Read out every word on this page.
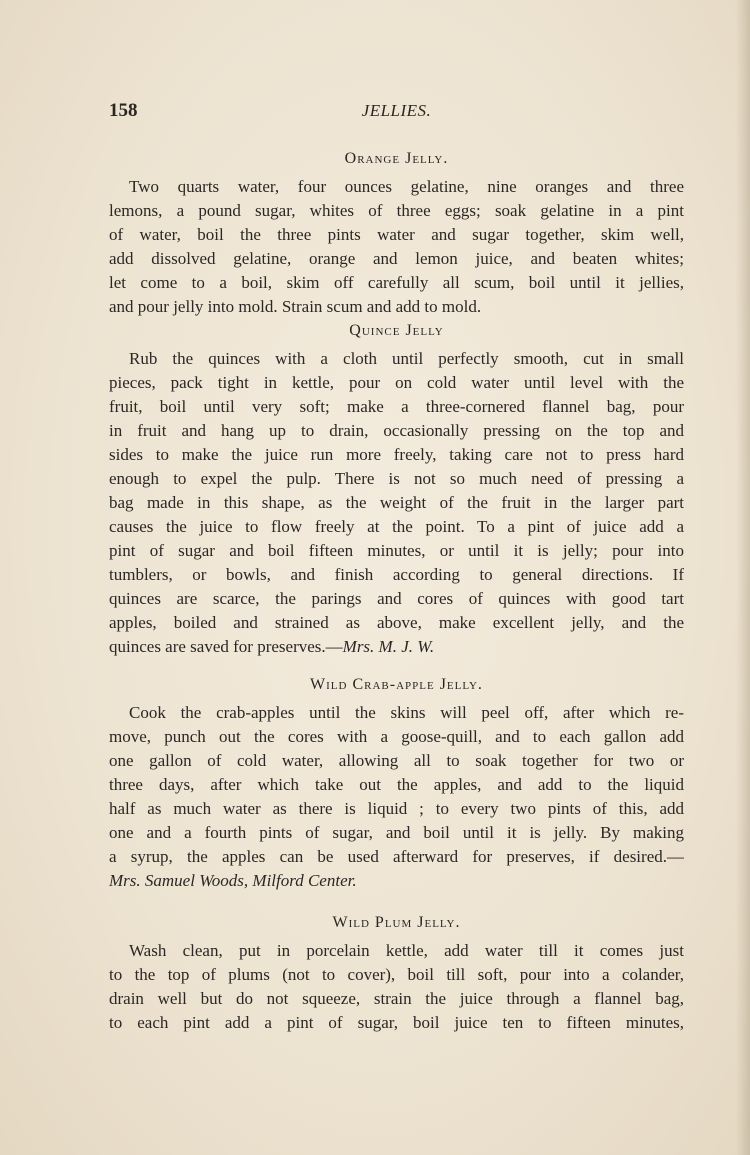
158	JELLIES.
Orange Jelly.
Two quarts water, four ounces gelatine, nine oranges and three
lemons, a pound sugar, whites of three eggs; soak gelatine in a pint
of water, boil the three pints water and sugar together, skim well,
add dissolved gelatine, orange and lemon juice, and beaten whites;
let come to a boil, skim off carefully all scum, boil until it jellies,
and pour jelly into mold. Strain scum and add to mold.
Quince Jelly
Rub the quinces with a cloth until perfectly smooth, cut in small
pieces, pack tight in kettle, pour on cold water until level with the
fruit, boil until very soft; make a three-cornered flannel bag, pour
in fruit and hang up to drain, occasionally pressing on the top and
sides to make the juice run more freely, taking care not to press hard
enough to expel the pulp. There is not so much need of pressing a
bag made in this shape, as the weight of the fruit in the larger part
causes the juice to flow freely at the point. To a pint of juice add a
pint of sugar and boil fifteen minutes, or until it is jelly; pour into
tumblers, or bowls, and finish according to general directions. If
quinces are scarce, the parings and cores of quinces with good tart
apples, boiled and strained as above, make excellent jelly, and the
quinces are saved for preserves.—Mrs. M. J. W.
Wild Crab-apple Jelly.
Cook the crab-apples until the skins will peel off, after which re-
move, punch out the cores with a goose-quill, and to each gallon add
one gallon of cold water, allowing all to soak together for two or
three days, after which take out the apples, and add to the liquid
half as much water as there is liquid ; to every two pints of this, add
one and a fourth pints of sugar, and boil until it is jelly. By making
a syrup, the apples can be used afterward for preserves, if desired.—
Mrs. Samuel Woods, Milford Center.
Wild Plum Jelly.
Wash clean, put in porcelain kettle, add water till it comes just
to the top of plums (not to cover), boil till soft, pour into a colander,
drain well but do not squeeze, strain the juice through a flannel bag,
to each pint add a pint of sugar, boil juice ten to fifteen minutes,
